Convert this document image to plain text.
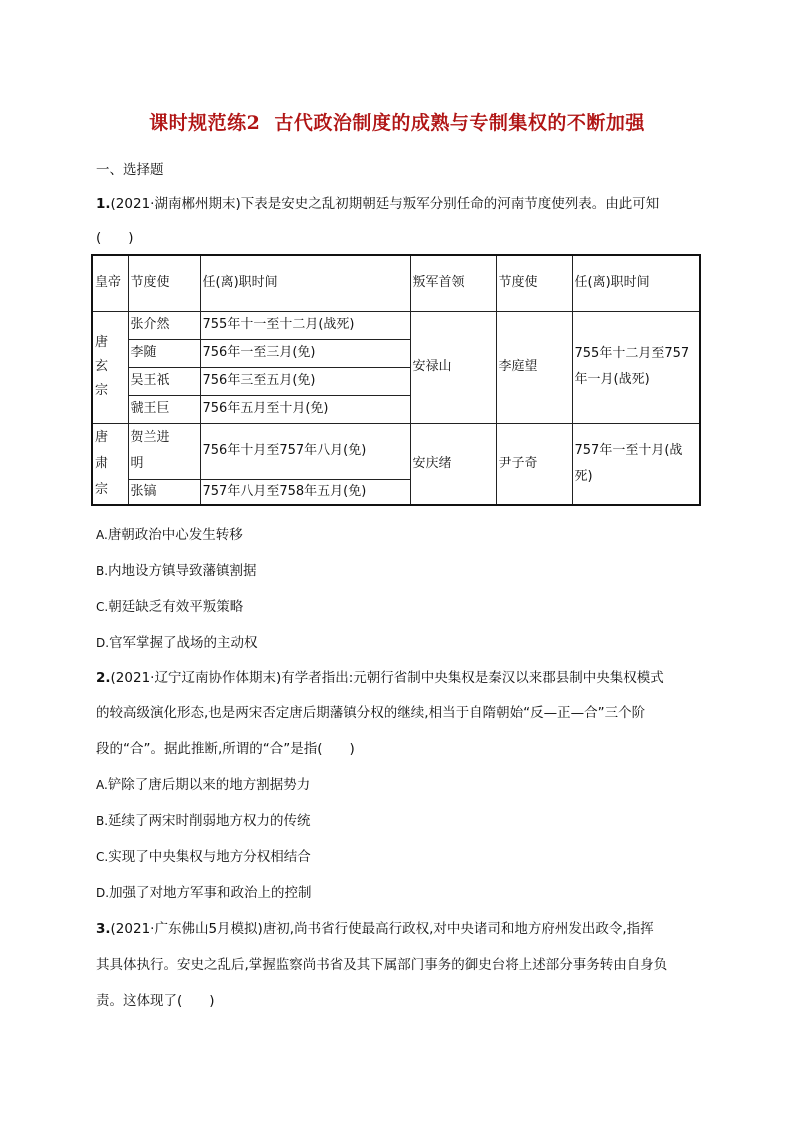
课时规范练2 古代政治制度的成熟与专制集权的不断加强
一、选择题
1.(2021·湖南郴州期末)下表是安史之乱初期朝廷与叛军分别任命的河南节度使列表。由此可知
(　　)
皇帝	节度使	任(离)职时间	叛军首领	节度使	任(离)职时间
唐玄宗	张介然	755年十一至十二月(战死)	安禄山	李庭望	755年十二月至757年一月(战死)
	李随	756年一至三月(免)			
	吴王祇	756年三至五月(免)			
	虢王巨	756年五月至十月(免)			
唐肃宗	贺兰进明	756年十月至757年八月(免)	安庆绪	尹子奇	757年一至十月(战死)
	张镐	757年八月至758年五月(免)			
A.唐朝政治中心发生转移
B.内地设方镇导致藩镇割据
C.朝廷缺乏有效平叛策略
D.官军掌握了战场的主动权
2.(2021·辽宁辽南协作体期末)有学者指出:元朝行省制中央集权是秦汉以来郡县制中央集权模式
的较高级演化形态,也是两宋否定唐后期藩镇分权的继续,相当于自隋朝始“反—正—合”三个阶
段的“合”。据此推断,所谓的“合”是指(　　)
A.铲除了唐后期以来的地方割据势力
B.延续了两宋时削弱地方权力的传统
C.实现了中央集权与地方分权相结合
D.加强了对地方军事和政治上的控制
3.(2021·广东佛山5月模拟)唐初,尚书省行使最高行政权,对中央诸司和地方府州发出政令,指挥
其具体执行。安史之乱后,掌握监察尚书省及其下属部门事务的御史台将上述部分事务转由自身负
责。这体现了(　　)
